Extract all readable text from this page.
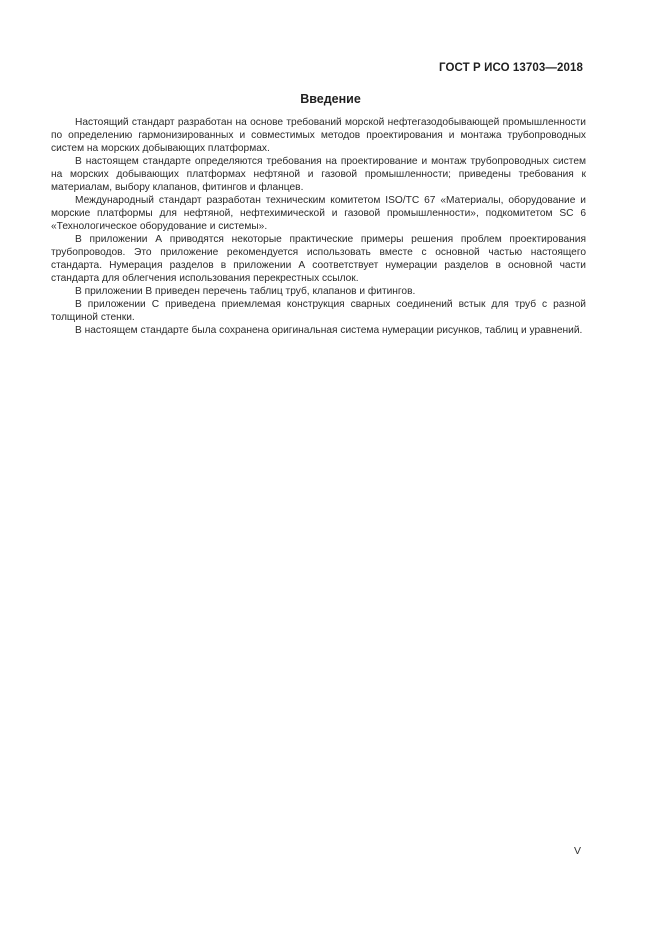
ГОСТ Р ИСО 13703—2018
Введение

Настоящий стандарт разработан на основе требований морской нефтегазодобывающей промышленности по определению гармонизированных и совместимых методов проектирования и монтажа трубопроводных систем на морских добывающих платформах.

В настоящем стандарте определяются требования на проектирование и монтаж трубопроводных систем на морских добывающих платформах нефтяной и газовой промышленности; приведены требования к материалам, выбору клапанов, фитингов и фланцев.

Международный стандарт разработан техническим комитетом ISO/TC 67 «Материалы, оборудование и морские платформы для нефтяной, нефтехимической и газовой промышленности», подкомитетом SC 6 «Технологическое оборудование и системы».

В приложении А приводятся некоторые практические примеры решения проблем проектирования трубопроводов. Это приложение рекомендуется использовать вместе с основной частью настоящего стандарта. Нумерация разделов в приложении А соответствует нумерации разделов в основной части стандарта для облегчения использования перекрестных ссылок.

В приложении В приведен перечень таблиц труб, клапанов и фитингов.

В приложении С приведена приемлемая конструкция сварных соединений встык для труб с разной толщиной стенки.

В настоящем стандарте была сохранена оригинальная система нумерации рисунков, таблиц и уравнений.

V
